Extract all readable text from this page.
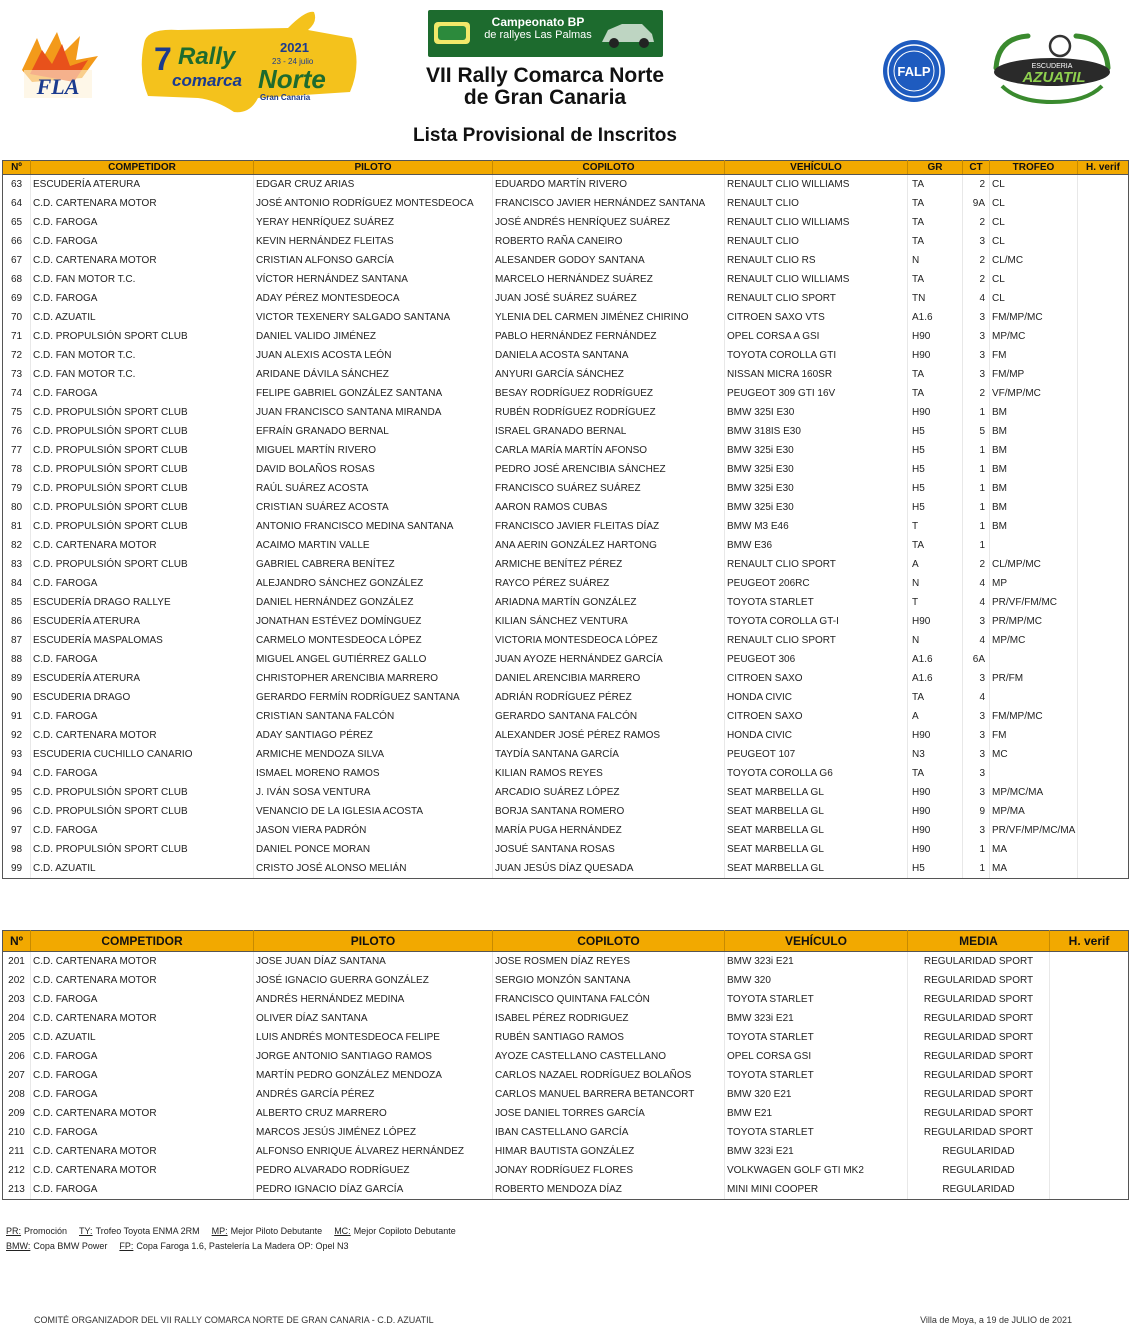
FLA
7 Rally	2021
23 - 24 julio
comarca Norte
Gran Canaria
Campeonato BP
de rallyes Las Palmas
VII Rally Comarca Norte
de Gran Canaria
Lista Provisional de Inscritos
FALP	ESCUDERIA
AZUATIL
Nº	COMPETIDOR	PILOTO	COPILOTO	VEHÍCULO	GR	CT	TROFEO	H. verif
63	ESCUDERÍA ATERURA	EDGAR CRUZ ARIAS	EDUARDO MARTÍN RIVERO	RENAULT CLIO WILLIAMS	TA	2	CL	
64	C.D. CARTENARA MOTOR	JOSÉ ANTONIO RODRÍGUEZ MONTESDEOCA	FRANCISCO JAVIER HERNÁNDEZ SANTANA	RENAULT CLIO	TA	9A	CL	
65	C.D. FAROGA	YERAY HENRÍQUEZ SUÁREZ	JOSÉ ANDRÉS HENRÍQUEZ SUÁREZ	RENAULT CLIO WILLIAMS	TA	2	CL	
66	C.D. FAROGA	KEVIN HERNÁNDEZ FLEITAS	ROBERTO RAÑA CANEIRO	RENAULT CLIO	TA	3	CL	
67	C.D. CARTENARA MOTOR	CRISTIAN ALFONSO GARCÍA	ALESANDER GODOY SANTANA	RENAULT CLIO RS	N	2	CL/MC	
68	C.D. FAN MOTOR T.C.	VÍCTOR HERNÁNDEZ SANTANA	MARCELO HERNÁNDEZ SUÁREZ	RENAULT CLIO WILLIAMS	TA	2	CL	
69	C.D. FAROGA	ADAY PÉREZ MONTESDEOCA	JUAN JOSÉ SUÁREZ SUÁREZ	RENAULT CLIO SPORT	TN	4	CL	
70	C.D. AZUATIL	VICTOR TEXENERY SALGADO SANTANA	YLENIA DEL CARMEN JIMÉNEZ CHIRINO	CITROEN SAXO VTS	A1.6	3	FM/MP/MC	
71	C.D. PROPULSIÓN SPORT CLUB	DANIEL VALIDO JIMÉNEZ	PABLO HERNÁNDEZ FERNÁNDEZ	OPEL CORSA A GSI	H90	3	MP/MC	
72	C.D. FAN MOTOR T.C.	JUAN ALEXIS ACOSTA LEÓN	DANIELA ACOSTA SANTANA	TOYOTA COROLLA GTI	H90	3	FM	
73	C.D. FAN MOTOR T.C.	ARIDANE DÁVILA SÁNCHEZ	ANYURI GARCÍA SÁNCHEZ	NISSAN MICRA 160SR	TA	3	FM/MP	
74	C.D. FAROGA	FELIPE GABRIEL GONZÁLEZ SANTANA	BESAY RODRÍGUEZ RODRÍGUEZ	PEUGEOT 309 GTI 16V	TA	2	VF/MP/MC	
75	C.D. PROPULSIÓN SPORT CLUB	JUAN FRANCISCO SANTANA MIRANDA	RUBÉN RODRÍGUEZ RODRÍGUEZ	BMW 325I E30	H90	1	BM	
76	C.D. PROPULSIÓN SPORT CLUB	EFRAÍN GRANADO BERNAL	ISRAEL GRANADO BERNAL	BMW 318IS E30	H5	5	BM	
77	C.D. PROPULSIÓN SPORT CLUB	MIGUEL MARTÍN RIVERO	CARLA MARÍA MARTÍN AFONSO	BMW 325i E30	H5	1	BM	
78	C.D. PROPULSIÓN SPORT CLUB	DAVID BOLAÑOS ROSAS	PEDRO JOSÉ ARENCIBIA SÁNCHEZ	BMW 325i E30	H5	1	BM	
79	C.D. PROPULSIÓN SPORT CLUB	RAÚL SUÁREZ ACOSTA	FRANCISCO SUÁREZ SUÁREZ	BMW 325i E30	H5	1	BM	
80	C.D. PROPULSIÓN SPORT CLUB	CRISTIAN SUÁREZ ACOSTA	AARON RAMOS CUBAS	BMW 325i E30	H5	1	BM	
81	C.D. PROPULSIÓN SPORT CLUB	ANTONIO FRANCISCO MEDINA SANTANA	FRANCISCO JAVIER FLEITAS DÍAZ	BMW M3 E46	T	1	BM	
82	C.D. CARTENARA MOTOR	ACAIMO MARTIN VALLE	ANA AERIN GONZÁLEZ HARTONG	BMW E36	TA	1		
83	C.D. PROPULSIÓN SPORT CLUB	GABRIEL CABRERA BENÍTEZ	ARMICHE BENÍTEZ PÉREZ	RENAULT CLIO SPORT	A	2	CL/MP/MC	
84	C.D. FAROGA	ALEJANDRO SÁNCHEZ GONZÁLEZ	RAYCO PÉREZ SUÁREZ	PEUGEOT 206RC	N	4	MP	
85	ESCUDERÍA DRAGO RALLYE	DANIEL HERNÁNDEZ GONZÁLEZ	ARIADNA MARTÍN GONZÁLEZ	TOYOTA STARLET	T	4	PR/VF/FM/MC	
86	ESCUDERÍA ATERURA	JONATHAN ESTÉVEZ DOMÍNGUEZ	KILIAN SÁNCHEZ VENTURA	TOYOTA COROLLA GT-I	H90	3	PR/MP/MC	
87	ESCUDERÍA MASPALOMAS	CARMELO MONTESDEOCA LÓPEZ	VICTORIA MONTESDEOCA LÓPEZ	RENAULT CLIO SPORT	N	4	MP/MC	
88	C.D. FAROGA	MIGUEL ANGEL GUTIÉRREZ GALLO	JUAN AYOZE HERNÁNDEZ GARCÍA	PEUGEOT 306	A1.6	6A		
89	ESCUDERÍA ATERURA	CHRISTOPHER ARENCIBIA MARRERO	DANIEL ARENCIBIA MARRERO	CITROEN SAXO	A1.6	3	PR/FM	
90	ESCUDERIA DRAGO	GERARDO FERMÍN RODRÍGUEZ SANTANA	ADRIÁN RODRÍGUEZ PÉREZ	HONDA CIVIC	TA	4		
91	C.D. FAROGA	CRISTIAN SANTANA FALCÓN	GERARDO SANTANA FALCÓN	CITROEN SAXO	A	3	FM/MP/MC	
92	C.D. CARTENARA MOTOR	ADAY SANTIAGO PÉREZ	ALEXANDER JOSÉ PÉREZ RAMOS	HONDA CIVIC	H90	3	FM	
93	ESCUDERIA CUCHILLO CANARIO	ARMICHE MENDOZA SILVA	TAYDÍA SANTANA GARCÍA	PEUGEOT 107	N3	3	MC	
94	C.D. FAROGA	ISMAEL MORENO RAMOS	KILIAN RAMOS REYES	TOYOTA COROLLA G6	TA	3		
95	C.D. PROPULSIÓN SPORT CLUB	J. IVÁN SOSA VENTURA	ARCADIO SUÁREZ LÓPEZ	SEAT MARBELLA GL	H90	3	MP/MC/MA	
96	C.D. PROPULSIÓN SPORT CLUB	VENANCIO DE LA IGLESIA ACOSTA	BORJA SANTANA ROMERO	SEAT MARBELLA GL	H90	9	MP/MA	
97	C.D. FAROGA	JASON VIERA PADRÓN	MARÍA PUGA HERNÁNDEZ	SEAT MARBELLA GL	H90	3	PR/VF/MP/MC/MA	
98	C.D. PROPULSIÓN SPORT CLUB	DANIEL PONCE MORAN	JOSUÉ SANTANA ROSAS	SEAT MARBELLA GL	H90	1	MA	
99	C.D. AZUATIL	CRISTO JOSÉ ALONSO MELIÁN	JUAN JESÚS DÍAZ QUESADA	SEAT MARBELLA GL	H5	1	MA	
Nº	COMPETIDOR	PILOTO	COPILOTO	VEHÍCULO	MEDIA	H. verif
201	C.D. CARTENARA MOTOR	JOSE JUAN DÍAZ SANTANA	JOSE ROSMEN DÍAZ REYES	BMW 323i E21	REGULARIDAD SPORT	
202	C.D. CARTENARA MOTOR	JOSÉ IGNACIO GUERRA GONZÁLEZ	SERGIO MONZÓN SANTANA	BMW 320	REGULARIDAD SPORT	
203	C.D. FAROGA	ANDRÉS HERNÁNDEZ MEDINA	FRANCISCO QUINTANA FALCÓN	TOYOTA STARLET	REGULARIDAD SPORT	
204	C.D. CARTENARA MOTOR	OLIVER DÍAZ SANTANA	ISABEL PÉREZ RODRIGUEZ	BMW 323i E21	REGULARIDAD SPORT	
205	C.D. AZUATIL	LUIS ANDRÉS MONTESDEOCA FELIPE	RUBÉN SANTIAGO RAMOS	TOYOTA STARLET	REGULARIDAD SPORT	
206	C.D. FAROGA	JORGE ANTONIO SANTIAGO RAMOS	AYOZE CASTELLANO CASTELLANO	OPEL CORSA GSI	REGULARIDAD SPORT	
207	C.D. FAROGA	MARTÍN PEDRO GONZÁLEZ MENDOZA	CARLOS NAZAEL RODRÍGUEZ BOLAÑOS	TOYOTA STARLET	REGULARIDAD SPORT	
208	C.D. FAROGA	ANDRÉS GARCÍA PÉREZ	CARLOS MANUEL BARRERA BETANCORT	BMW 320 E21	REGULARIDAD SPORT	
209	C.D. CARTENARA MOTOR	ALBERTO CRUZ MARRERO	JOSE DANIEL TORRES GARCÍA	BMW E21	REGULARIDAD SPORT	
210	C.D. FAROGA	MARCOS JESÚS JIMÉNEZ LÓPEZ	IBAN CASTELLANO GARCÍA	TOYOTA STARLET	REGULARIDAD SPORT	
211	C.D. CARTENARA MOTOR	ALFONSO ENRIQUE ÁLVAREZ HERNÁNDEZ	HIMAR BAUTISTA GONZÁLEZ	BMW 323i E21	REGULARIDAD	
212	C.D. CARTENARA MOTOR	PEDRO ALVARADO RODRÍGUEZ	JONAY RODRÍGUEZ FLORES	VOLKWAGEN GOLF GTI MK2	REGULARIDAD	
213	C.D. FAROGA	PEDRO IGNACIO DÍAZ GARCÍA	ROBERTO MENDOZA DÍAZ	MINI MINI COOPER	REGULARIDAD	
PR: Promoción TY: Trofeo Toyota ENMA 2RM MP: Mejor Piloto Debutante MC: Mejor Copiloto Debutante
BMW: Copa BMW Power FP: Copa Faroga 1.6, Pastelería La Madera OP: Opel N3
COMITÉ ORGANIZADOR DEL VII RALLY COMARCA NORTE DE GRAN CANARIA - C.D. AZUATIL	Villa de Moya, a 19 de JULIO de 2021
